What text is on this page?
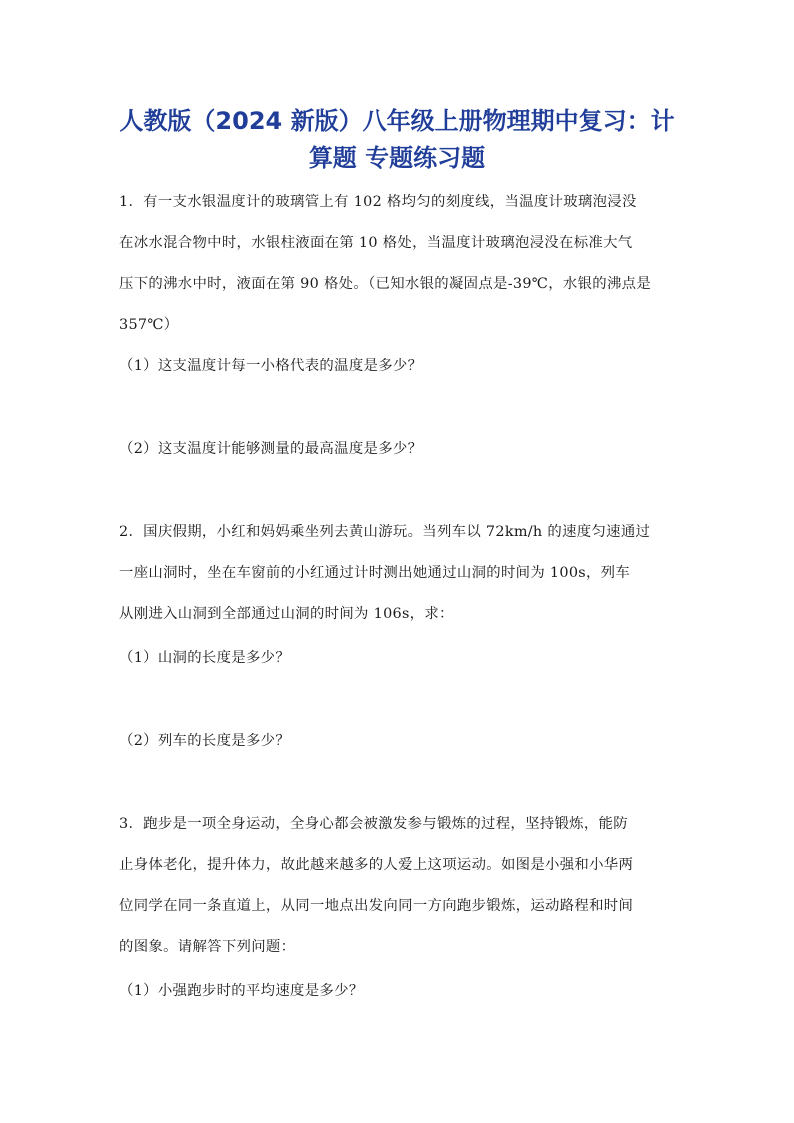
人教版（2024 新版）八年级上册物理期中复习：计
算题 专题练习题
1．有一支水银温度计的玻璃管上有 102 格均匀的刻度线，当温度计玻璃泡浸没
在冰水混合物中时，水银柱液面在第 10 格处，当温度计玻璃泡浸没在标准大气
压下的沸水中时，液面在第 90 格处。（已知水银的凝固点是-39℃，水银的沸点是
357℃）
（1）这支温度计每一小格代表的温度是多少？
（2）这支温度计能够测量的最高温度是多少？
2．国庆假期，小红和妈妈乘坐列去黄山游玩。当列车以 72km/h 的速度匀速通过
一座山洞时，坐在车窗前的小红通过计时测出她通过山洞的时间为 100s，列车
从刚进入山洞到全部通过山洞的时间为 106s，求：
（1）山洞的长度是多少？
（2）列车的长度是多少？
3．跑步是一项全身运动，全身心都会被激发参与锻炼的过程，坚持锻炼，能防
止身体老化，提升体力，故此越来越多的人爱上这项运动。如图是小强和小华两
位同学在同一条直道上，从同一地点出发向同一方向跑步锻炼，运动路程和时间
的图象。请解答下列问题：
（1）小强跑步时的平均速度是多少？
